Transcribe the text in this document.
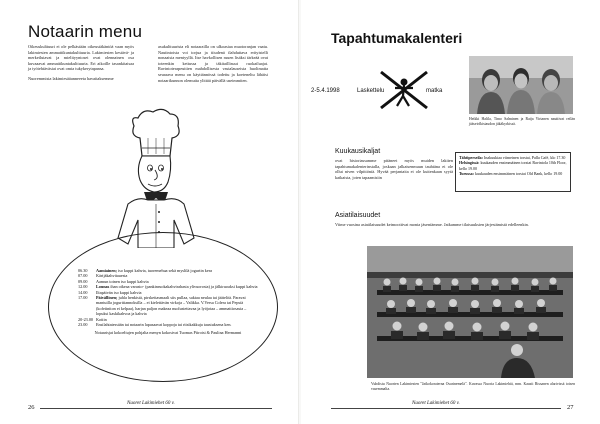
Notaarin menu

Oikeuskulttuuri ei ole pelkästään oikeustäkäntöä vaan myös lakimiesten ammattikuntakulttuuria. Lakimiesten kestävä- ja merkeilutavat ja mielityyntoset ovat olennainen osa kuvaaavai ammattikuntakulttuuria. Eri aikoille tasankitaisaa ja työtehtäväsiai ovat omia tukykerytapansa.

Nuoremmista lakimiesääanneeeta havaitaksemme

asukulttuurista eli notaarailla on ulkoasiaa muotoranjan vaatu. Nautintoista voi torjua ja tiiudenä ilahduttava erityistelli nonaaisia mentyyllä. Itse havkollisen ruuen lisäksi tärkeää ovat toteenkin kettussa ja täkitaillisuut ruokailuajat. Ravintoterapeuttien mahdollisesta vastalauseista huolimatta seuraava menu on käyttännössä todettu ja koeteneltu lähäisi notaarikunnon olemutta ylittää päivällä useimmiten.

06.30	Aamiainen; iso kuppi kahvia, tuoremehua sekä myslilä jogurtin kera
07.00	Kärijäkahvitauesta
09.00	Aamun toinen iso kuppi kahvia
12.00	Lounas ihan oikeaa varasto- (pankinruokakahvirahasta ylivuorosta) ja jälkiruoaksi kuppi kahvia
14.00	Iltapäivän iso kuppi kahvia
17.00	Päivällinen; juhla henkistä, pirskettasmaali siis pullaa, saktaa neulaa tai jäätelöä. Paravai mantuilla jogurttiannoksilla – ei kielettävän virkoja – Valikka. V.Versa Colera tai Pepsiä (kofeiiniton ei kelpaa), harjan paljon makeaa nuolustettavaa ja lyöjotaa – ammattiosasia – lopuksi kaskikahvoa ja kahvia
20-23.00 Kotiin
23.00	Ensilahtatessään tai notaarin lapasaavat koppoja tai riisikakkuja taustuksena ken.
Notaarisjat kokoeltujen pohjalta menyn kokosivat Tuomas Piiroisi & Paulina Hermanni
26
Nuoret Lakimiehet 60 v.
Tapahtumakalenteri
2-5.4.1998	Laskettelu	matka
Heikki Halila, Timo Salminen ja Raija Virtanen nauttivat reilän jääseirfkistaudon jäkäkyrkissä.
Kuukausikaljat
ovat historiassamme pitäneet myös muiden lakiten tapahtumakalenterinstalla, joskaan jalkaisenmuun tauhtäna ei ole ollut niven vilpittöniä. Hyvää perjantaita ei ole kuitenkaan syytä katkaista, joten tapaamisiin
Tähtiperseila: Inakuukiaa viimeinen torstai, Palla Café, klo 17.30
Helsingissä: kuukauden ensimmäinen torstai Ravintola 10th Floor, kello 19.00
Turussa: kuukauden ensimmäinen torstai Old Bank, kello 19.00
Asiatilaisuudet
Viime vuosina asiatilaisuudet keimoottivat monia jäseniämme. Jatkamme tilaisuuksien järjestämistä edelleenkin.
Vuhdistu Nuorten Lakimiesten "Jatkokoraterna Osarinemelä". Kuvassa Nuoria Lakimiehiä, mm. Kausti Rissanen alarivissä toisen vasemmalta.
Nuoret Lakimiehet 60 v.
27
